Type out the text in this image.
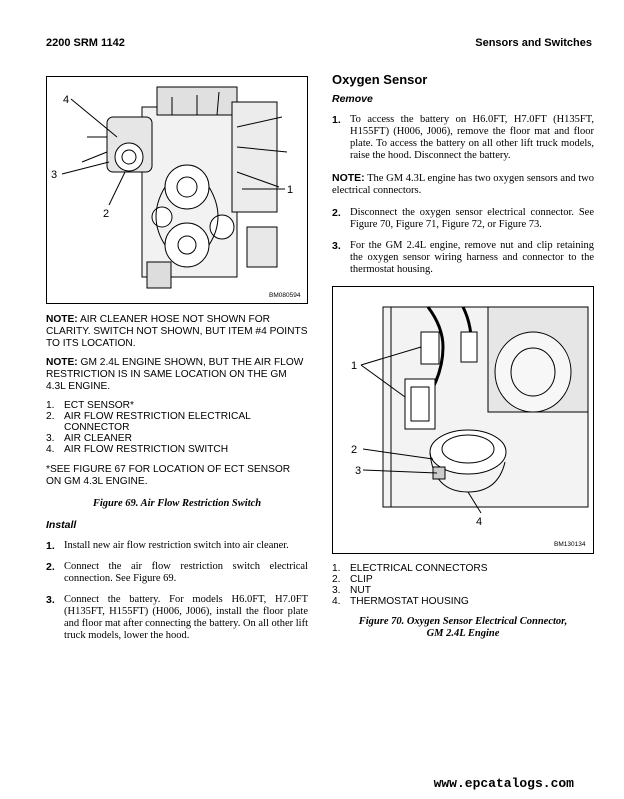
2200 SRM 1142	Sensors and Switches
4
3
2
1
BM080594

NOTE: AIR CLEANER HOSE NOT SHOWN FOR CLARITY. SWITCH NOT SHOWN, BUT ITEM #4 POINTS TO ITS LOCATION.

NOTE: GM 2.4L ENGINE SHOWN, BUT THE AIR FLOW RESTRICTION IS IN SAME LOCATION ON THE GM 4.3L ENGINE.

1. ECT SENSOR*
2. AIR FLOW RESTRICTION ELECTRICAL CONNECTOR
3. AIR CLEANER
4. AIR FLOW RESTRICTION SWITCH

*SEE FIGURE 67 FOR LOCATION OF ECT SENSOR ON GM 4.3L ENGINE.

Figure 69. Air Flow Restriction Switch

Install

1. Install new air flow restriction switch into air cleaner.
2. Connect the air flow restriction switch electrical connection. See Figure 69.
3. Connect the battery. For models H6.0FT, H7.0FT (H135FT, H155FT) (H006, J006), install the floor plate and floor mat after connecting the battery. On all other lift truck models, lower the hood.

Oxygen Sensor

Remove

1. To access the battery on H6.0FT, H7.0FT (H135FT, H155FT) (H006, J006), remove the floor mat and floor plate. To access the battery on all other lift truck models, raise the hood. Disconnect the battery.

NOTE: The GM 4.3L engine has two oxygen sensors and two electrical connectors.

2. Disconnect the oxygen sensor electrical connector. See Figure 70, Figure 71, Figure 72, or Figure 73.
3. For the GM 2.4L engine, remove nut and clip retaining the oxygen sensor wiring harness and connector to the thermostat housing.
1
2
3
4
BM130134
1. ELECTRICAL CONNECTORS
2. CLIP
3. NUT
4. THERMOSTAT HOUSING

Figure 70. Oxygen Sensor Electrical Connector,
GM 2.4L Engine

www.epcatalogs.com
